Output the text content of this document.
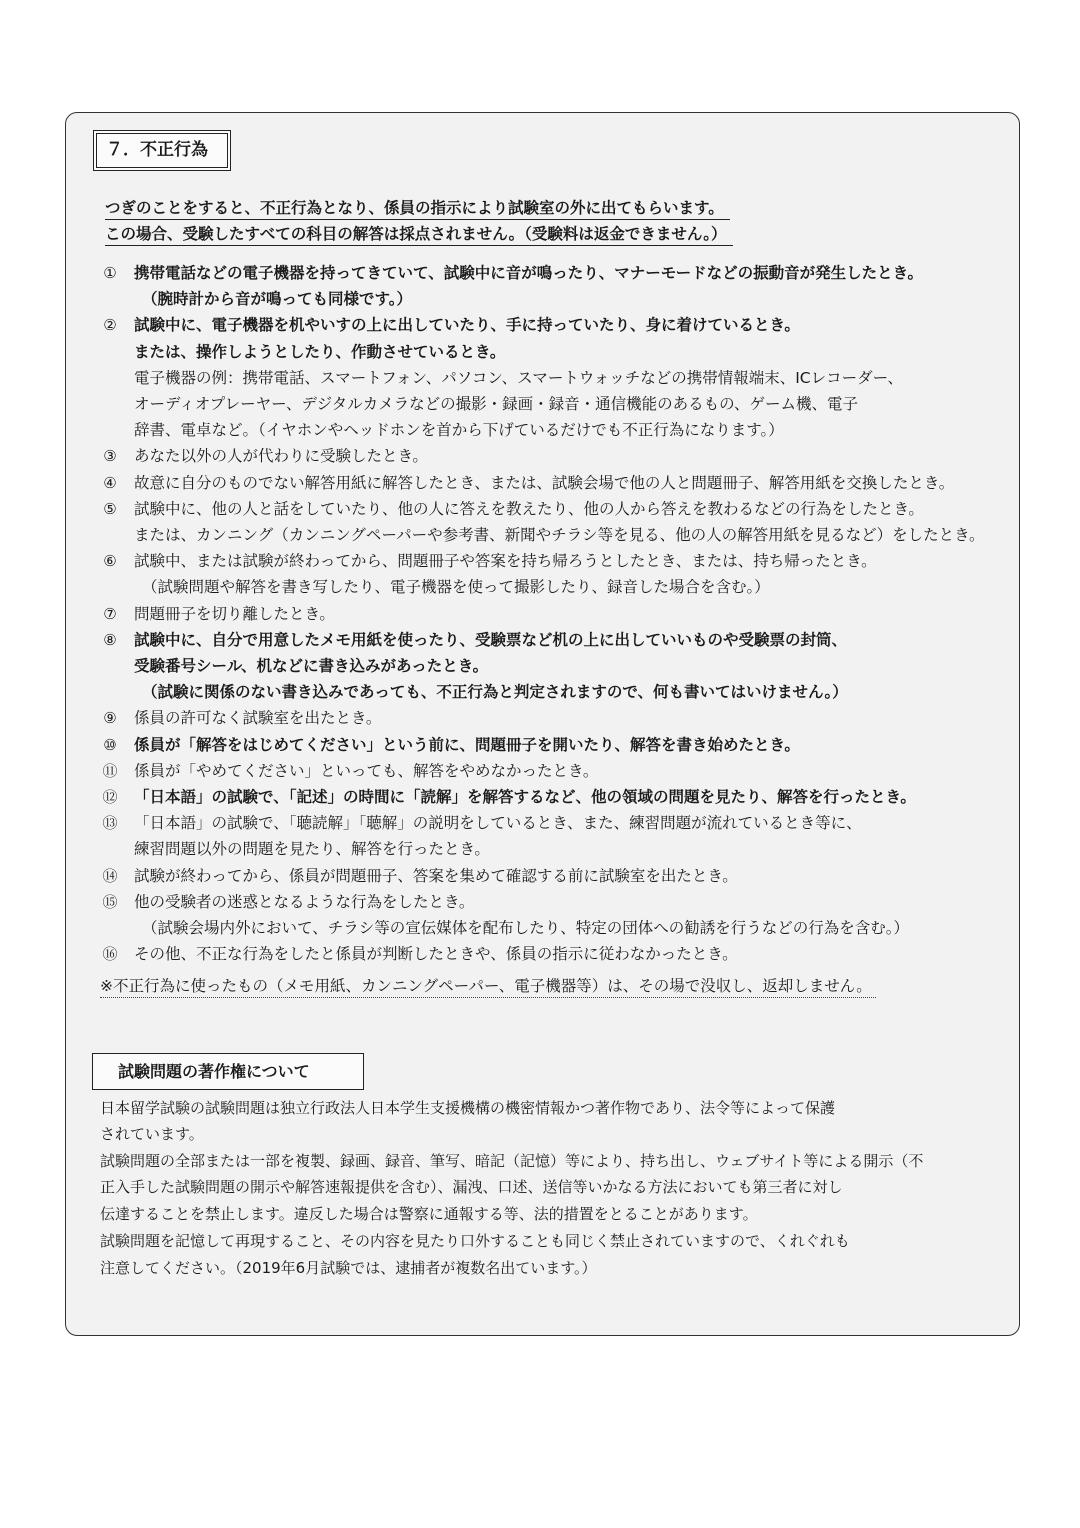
７．不正行為
つぎのことをすると、不正行為となり、係員の指示により試験室の外に出てもらいます。
この場合、受験したすべての科目の解答は採点されません。（受験料は返金できません。）
①	携帯電話などの電子機器を持ってきていて、試験中に音が鳴ったり、マナーモードなどの振動音が発生したとき。
（腕時計から音が鳴っても同様です。）
②	試験中に、電子機器を机やいすの上に出していたり、手に持っていたり、身に着けているとき。
または、操作しようとしたり、作動させているとき。
電子機器の例：携帯電話、スマートフォン、パソコン、スマートウォッチなどの携帯情報端末、ICレコーダー、
オーディオプレーヤー、デジタルカメラなどの撮影・録画・録音・通信機能のあるもの、ゲーム機、電子
辞書、電卓など。（イヤホンやヘッドホンを首から下げているだけでも不正行為になります。）
③	あなた以外の人が代わりに受験したとき。
④	故意に自分のものでない解答用紙に解答したとき、または、試験会場で他の人と問題冊子、解答用紙を交換したとき。
⑤	試験中に、他の人と話をしていたり、他の人に答えを教えたり、他の人から答えを教わるなどの行為をしたとき。
または、カンニング（カンニングペーパーや参考書、新聞やチラシ等を見る、他の人の解答用紙を見るなど）をしたとき。
⑥	試験中、または試験が終わってから、問題冊子や答案を持ち帰ろうとしたとき、または、持ち帰ったとき。
（試験問題や解答を書き写したり、電子機器を使って撮影したり、録音した場合を含む。）
⑦	問題冊子を切り離したとき。
⑧	試験中に、自分で用意したメモ用紙を使ったり、受験票など机の上に出していいものや受験票の封筒、
受験番号シール、机などに書き込みがあったとき。
（試験に関係のない書き込みであっても、不正行為と判定されますので、何も書いてはいけません。）
⑨	係員の許可なく試験室を出たとき。
⑩	係員が「解答をはじめてください」という前に、問題冊子を開いたり、解答を書き始めたとき。
⑪ 係員が「やめてください」といっても、解答をやめなかったとき。
⑫ 「日本語」の試験で、「記述」の時間に「読解」を解答するなど、他の領域の問題を見たり、解答を行ったとき。
⑬ 「日本語」の試験で、「聴読解」「聴解」の説明をしているとき、また、練習問題が流れているとき等に、
練習問題以外の問題を見たり、解答を行ったとき。
⑭ 試験が終わってから、係員が問題冊子、答案を集めて確認する前に試験室を出たとき。
⑮ 他の受験者の迷惑となるような行為をしたとき。
（試験会場内外において、チラシ等の宣伝媒体を配布したり、特定の団体への勧誘を行うなどの行為を含む。）
⑯ その他、不正な行為をしたと係員が判断したときや、係員の指示に従わなかったとき。
※不正行為に使ったもの（メモ用紙、カンニングペーパー、電子機器等）は、その場で没収し、返却しません。
試験問題の著作権について
日本留学試験の試験問題は独立行政法人日本学生支援機構の機密情報かつ著作物であり、法令等によって保護
されています。
試験問題の全部または一部を複製、録画、録音、筆写、暗記（記憶）等により、持ち出し、ウェブサイト等による開示（不
正入手した試験問題の開示や解答速報提供を含む）、漏洩、口述、送信等いかなる方法においても第三者に対し
伝達することを禁止します。違反した場合は警察に通報する等、法的措置をとることがあります。
試験問題を記憶して再現すること、その内容を見たり口外することも同じく禁止されていますので、くれぐれも
注意してください。（2019年6月試験では、逮捕者が複数名出ています。）
